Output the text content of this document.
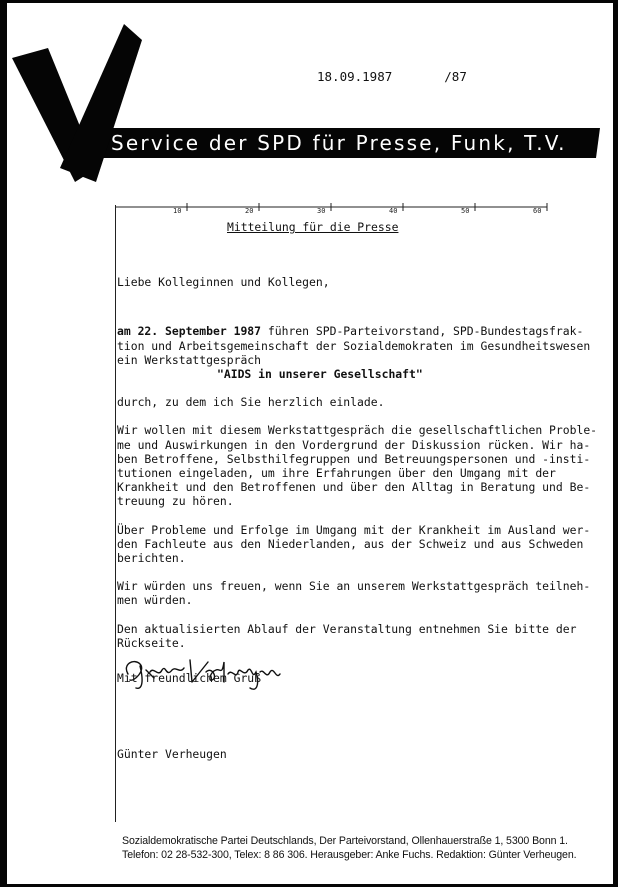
Service der SPD für Presse, Funk, T.V.
18.09.1987	/87
10	20	30	40	50	60

Mitteilung für die Presse

Liebe Kolleginnen und Kollegen,

am 22. September 1987 führen SPD-Parteivorstand, SPD-Bundestagsfrak-

tion und Arbeitsgemeinschaft der Sozialdemokraten im Gesundheitswesen

ein Werkstattgespräch

"AIDS in unserer Gesellschaft"

durch, zu dem ich Sie herzlich einlade.

Wir wollen mit diesem Werkstattgespräch die gesellschaftlichen Proble-

me und Auswirkungen in den Vordergrund der Diskussion rücken. Wir ha-

ben Betroffene, Selbsthilfegruppen und Betreuungspersonen und -insti-

tutionen eingeladen, um ihre Erfahrungen über den Umgang mit der

Krankheit und den Betroffenen und über den Alltag in Beratung und Be-

treuung zu hören.

Über Probleme und Erfolge im Umgang mit der Krankheit im Ausland wer-

den Fachleute aus den Niederlanden, aus der Schweiz und aus Schweden

berichten.

Wir würden uns freuen, wenn Sie an unserem Werkstattgespräch teilneh-

men würden.

Den aktualisierten Ablauf der Veranstaltung entnehmen Sie bitte der

Rückseite.

Mit freundlichem Gruß

Günter Verheugen

Sozialdemokratische Partei Deutschlands, Der Parteivorstand, Ollenhauerstraße 1, 5300 Bonn 1.

Telefon: 02 28-532-300, Telex: 8 86 306. Herausgeber: Anke Fuchs. Redaktion: Günter Verheugen.
